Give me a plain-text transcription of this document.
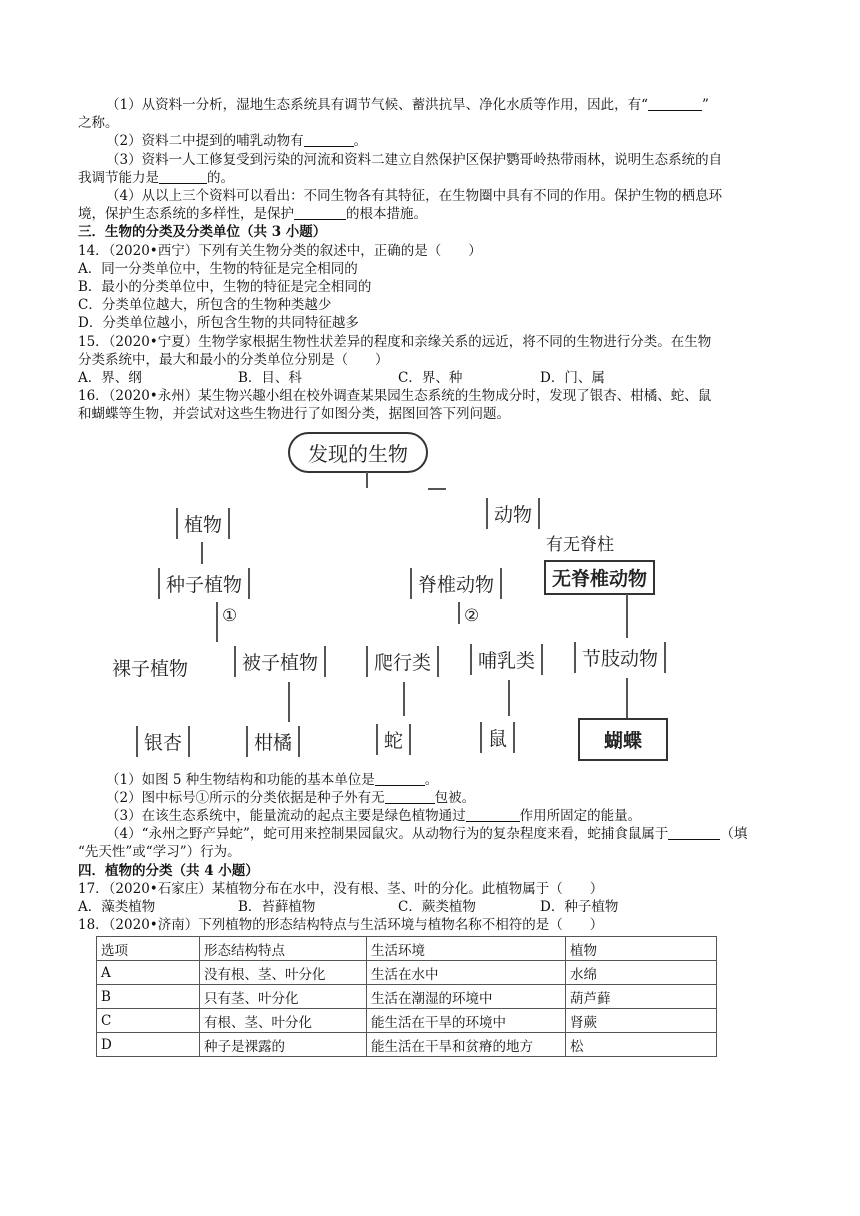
（1）从资料一分析，湿地生态系统具有调节气候、蓄洪抗旱、净化水质等作用，因此，有“	”
之称。
（2）资料二中提到的哺乳动物有	。
（3）资料一人工修复受到污染的河流和资料二建立自然保护区保护鹦哥岭热带雨林，说明生态系统的自
我调节能力是	的。
（4）从以上三个资料可以看出：不同生物各有其特征，在生物圈中具有不同的作用。保护生物的栖息环
境，保护生态系统的多样性，是保护	的根本措施。
三．生物的分类及分类单位（共 3 小题）
14．（2020•西宁）下列有关生物分类的叙述中，正确的是（　　）
A．同一分类单位中，生物的特征是完全相同的
B．最小的分类单位中，生物的特征是完全相同的
C．分类单位越大，所包含的生物种类越少
D．分类单位越小，所包含生物的共同特征越多
15．（2020•宁夏）生物学家根据生物性状差异的程度和亲缘关系的远近，将不同的生物进行分类。在生物
分类系统中，最大和最小的分类单位分别是（　　）
A．界、纲	B．目、科	C．界、种	D．门、属
16．（2020•永州）某生物兴趣小组在校外调查某果园生态系统的生物成分时，发现了银杏、柑橘、蛇、鼠
和蝴蝶等生物，并尝试对这些生物进行了如图分类，据图回答下列问题。
发现的生物
植物	动物
有无脊柱
种子植物	脊椎动物	无脊椎动物
①	②
裸子植物	被子植物	爬行类	哺乳类	节肢动物
银杏	柑橘	蛇	鼠	蝴蝶
（1）如图 5 种生物结构和功能的基本单位是	。
（2）图中标号①所示的分类依据是种子外有无	包被。
（3）在该生态系统中，能量流动的起点主要是绿色植物通过	作用所固定的能量。
（4）“永州之野产异蛇”，蛇可用来控制果园鼠灾。从动物行为的复杂程度来看，蛇捕食鼠属于	（填
“先天性”或“学习”）行为。
四．植物的分类（共 4 小题）
17．（2020•石家庄）某植物分布在水中，没有根、茎、叶的分化。此植物属于（　　）
A．藻类植物	B．苔藓植物	C．蕨类植物	D．种子植物
18．（2020•济南）下列植物的形态结构特点与生活环境与植物名称不相符的是（　　）
选项	形态结构特点	生活环境	植物
A	没有根、茎、叶分化	生活在水中	水绵
B	只有茎、叶分化	生活在潮湿的环境中	葫芦藓
C	有根、茎、叶分化	能生活在干旱的环境中	肾蕨
D	种子是裸露的	能生活在干旱和贫瘠的地方	松
